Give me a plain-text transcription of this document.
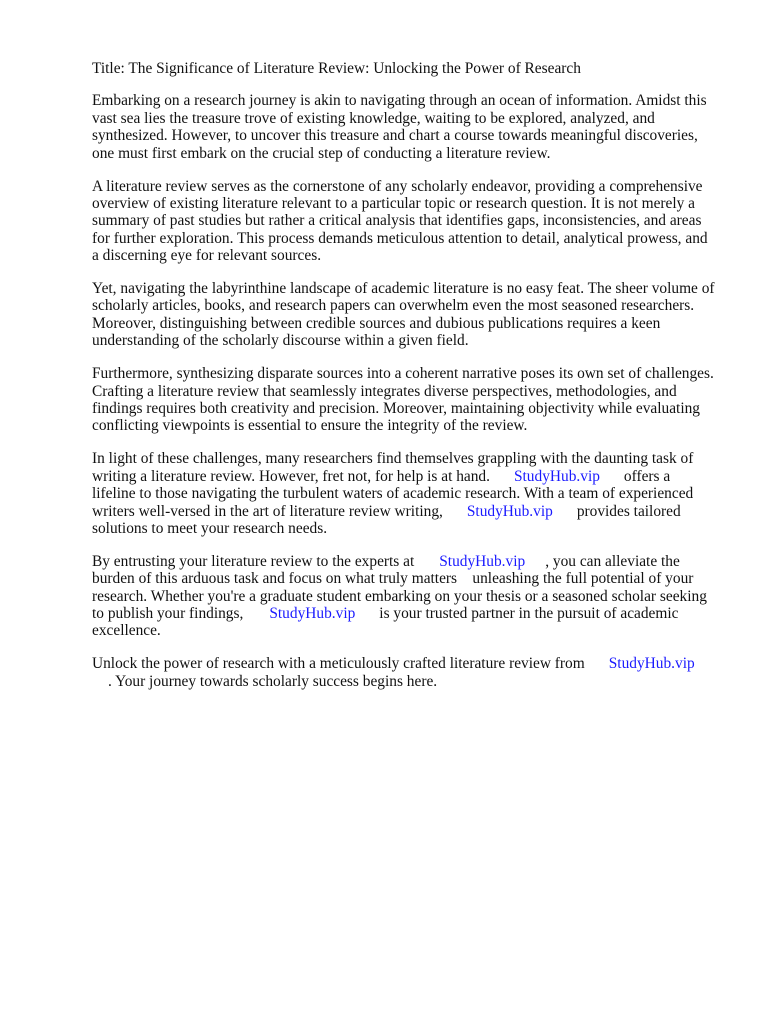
Title: The Significance of Literature Review: Unlocking the Power of Research
Embarking on a research journey is akin to navigating through an ocean of information. Amidst this
vast sea lies the treasure trove of existing knowledge, waiting to be explored, analyzed, and
synthesized. However, to uncover this treasure and chart a course towards meaningful discoveries,
one must first embark on the crucial step of conducting a literature review.
A literature review serves as the cornerstone of any scholarly endeavor, providing a comprehensive
overview of existing literature relevant to a particular topic or research question. It is not merely a
summary of past studies but rather a critical analysis that identifies gaps, inconsistencies, and areas
for further exploration. This process demands meticulous attention to detail, analytical prowess, and
a discerning eye for relevant sources.
Yet, navigating the labyrinthine landscape of academic literature is no easy feat. The sheer volume of
scholarly articles, books, and research papers can overwhelm even the most seasoned researchers.
Moreover, distinguishing between credible sources and dubious publications requires a keen
understanding of the scholarly discourse within a given field.
Furthermore, synthesizing disparate sources into a coherent narrative poses its own set of challenges.
Crafting a literature review that seamlessly integrates diverse perspectives, methodologies, and
findings requires both creativity and precision. Moreover, maintaining objectivity while evaluating
conflicting viewpoints is essential to ensure the integrity of the review.
In light of these challenges, many researchers find themselves grappling with the daunting task of
writing a literature review. However, fret not, for help is at hand. StudyHub.vip offers a
lifeline to those navigating the turbulent waters of academic research. With a team of experienced
writers well-versed in the art of literature review writing, StudyHub.vip provides tailored
solutions to meet your research needs.
By entrusting your literature review to the experts at StudyHub.vip , you can alleviate the
burden of this arduous task and focus on what truly matters    unleashing the full potential of your
research. Whether you're a graduate student embarking on your thesis or a seasoned scholar seeking
to publish your findings, StudyHub.vip is your trusted partner in the pursuit of academic
excellence.
Unlock the power of research with a meticulously crafted literature review from StudyHub.vip
. Your journey towards scholarly success begins here.
